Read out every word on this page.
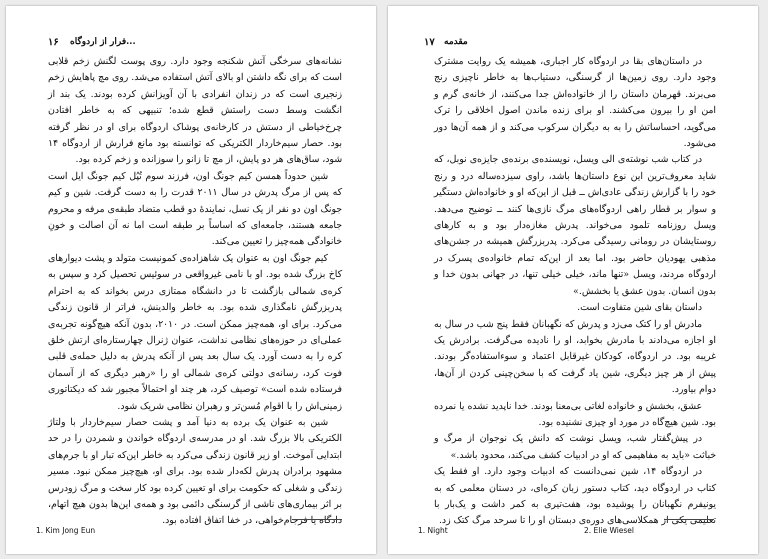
۱۶ فرار از اردوگاه...

نشانه‌های سرخگی آتش شکنجه وجود دارد. روی پوست لگنش زخم قلابی است که برای نگه داشتن او بالای آتش استفاده می‌شد. روی مچ پاهایش زخم زنجیری است که در زندان انفرادی با آن آویزانش کرده بودند. یک بند از انگشت وسط دست راستش قطع شده؛ تنبیهی که به خاطر افتادن چرخ‌خیاطی از دستش در کارخانه‌ی پوشاک اردوگاه برای او در نظر گرفته بود. حصار سیم‌خاردار الکتریکی که توانسته بود مانع فرارش از اردوگاه ۱۴ شود، ساق‌های هر دو پایش، از مچ تا زانو را سوزانده و زخم کرده بود.

شین حدوداً همسن کیم جونگ اون، فرزند سوم تُپُل کیم جونگ ایل است که پس از مرگ پدرش در سال ۲۰۱۱ قدرت را به دست گرفت. شین و کیم جونگ اون دو نفر از یک نسل، نمایندهٔ دو قطب متضاد طبقه‌ی مرفه و محروم جامعه هستند، جامعه‌ای که اساساً بر طبقه است اما نه آن اصالت و خونِ خانوادگی همه‌چیز را تعیین می‌کند.

کیم جونگ اون به عنوان یک شاهزاده‌ی کمونیست متولد و پشت دیوارهای کاخ بزرگ شده بود. او با نامی غیرواقعی در سوئیس تحصیل کرد و سپس به کره‌ی شمالی بازگشت تا در دانشگاه ممتازی درس بخواند که به احترام پدربزرگش نامگذاری شده بود. به خاطر والدینش، فراتر از قانون زندگی می‌کرد. برای او، همه‌چیز ممکن است. در ۲۰۱۰، بدون آنکه هیچ‌گونه تجربه‌ی عملی‌ای در حوزه‌های نظامی نداشت، عنوان ژنرال چهارستاره‌ای ارتش خلق کره را به دست آورد. یک سال بعد پس از آنکه پدرش به دلیل حمله‌ی قلبی فوت کرد، رسانه‌ی دولتی کره‌ی شمالی او را «رهبر دیگری که از آسمان فرستاده شده است» توصیف کرد، هر چند او احتمالاً مجبور شد که دیکتاتوری زمینی‌اش را با اقوام مُسن‌تر و رهبران نظامی شریک شود.

شین به عنوان یک برده به دنیا آمد و پشت حصار سیم‌خاردار با ولتاژ الکتریکی بالا بزرگ شد. او در مدرسه‌ی اردوگاه خواندن و شمردن را در حد ابتدایی آموخت. او زیر قانون زندگی می‌کرد به خاطر این‌که تبار او با جرم‌های مشهود برادران پدرش لکه‌دار شده بود. برای او، هیچ‌چیز ممکن نبود. مسیر زندگی و شغلی که حکومت برای او تعیین کرده بود کار سخت و مرگ زودرس بر اثر بیماری‌های ناشی از گرسنگی دائمی بود و همه‌ی این‌ها بدون هیچ اتهام، دادگاه یا فرجام‌خواهی، در خفا اتفاق افتاده بود.

1. Kim Jong Eun
مقدمه
۱۷

در داستان‌های بقا در اردوگاه کار اجباری، همیشه یک روایت مشترک وجود دارد. روی زمین‌ها از گرسنگی، دستیاب‌ها به خاطر ناچیزی رنج می‌برند. قهرمان داستان را از خانواده‌اش جدا می‌کنند، از خانه‌ی گرم و امن او را بیرون می‌کشند. او برای زنده ماندن اصول اخلاقی را ترک می‌گوید، احساساتش را به به دیگران سرکوب می‌کند و از همه آن‌ها دور می‌شود.

در کتاب شب نوشته‌ی الی ویسل، نویسنده‌ی برنده‌ی جایزه‌ی نوبل، که شاید معروف‌ترین این نوع داستان‌ها باشد، راوی سیزده‌ساله درد و رنج خود را با گزارش زندگی عادی‌اش ــ قبل از این‌که او و خانواده‌اش دستگیر و سوار بر قطار راهی اردوگاه‌های مرگ نازی‌ها کنند ــ توضیح می‌دهد. ویسل روزنامه تلمود می‌خواند. پدرش مغازه‌دار بود و به کارهای روستایشان در رومانی رسیدگی می‌کرد. پدربزرگش همیشه در جشن‌های مذهبی یهودیان حاضر بود. اما بعد از این‌که تمام خانواده‌ی پسرک در اردوگاه مردند، ویسل «تنها ماند، خیلی خیلی تنها، در جهانی بدون خدا و بدون انسان. بدون عشق یا بخشش.»

داستان بقای شین متفاوت است.

مادرش او را کتک می‌زد و پدرش که نگهبانان فقط پنج شب در سال به او اجازه می‌دادند با مادرش بخوابد، او را نادیده می‌گرفت. برادرش یک غریبه بود. در اردوگاه، کودکان غیرقابل اعتماد و سوءاستفاده‌گر بودند. پیش از هر چیز دیگری، شین یاد گرفت که با سخن‌چینی کردن از آن‌ها، دوام بیاورد.

عشق، بخشش و خانواده لغاتی بی‌معنا بودند. خدا ناپدید نشده یا نمرده بود. شین هیچ‌گاه در مورد او چیزی نشنیده بود.

در پیش‌گفتار شب، ویسل نوشت که دانش یک نوجوان از مرگ و خباثت «باید به مفاهیمی که او در ادبیات کشف می‌کند، محدود باشد.»

در اردوگاه ۱۴، شین نمی‌دانست که ادبیات وجود دارد. او فقط یک کتاب در اردوگاه دید، کتاب دستور زبان کره‌ای، در دستان معلمی که به یونیفرم نگهبانان را پوشیده بود، هفت‌تیری به کمر داشت و یک‌بار با تعلیمی یکی از همکلاسی‌های دوره‌ی دبستان او را تا سرحد مرگ کتک زد.

1. Night	2. Elie Wiesel
